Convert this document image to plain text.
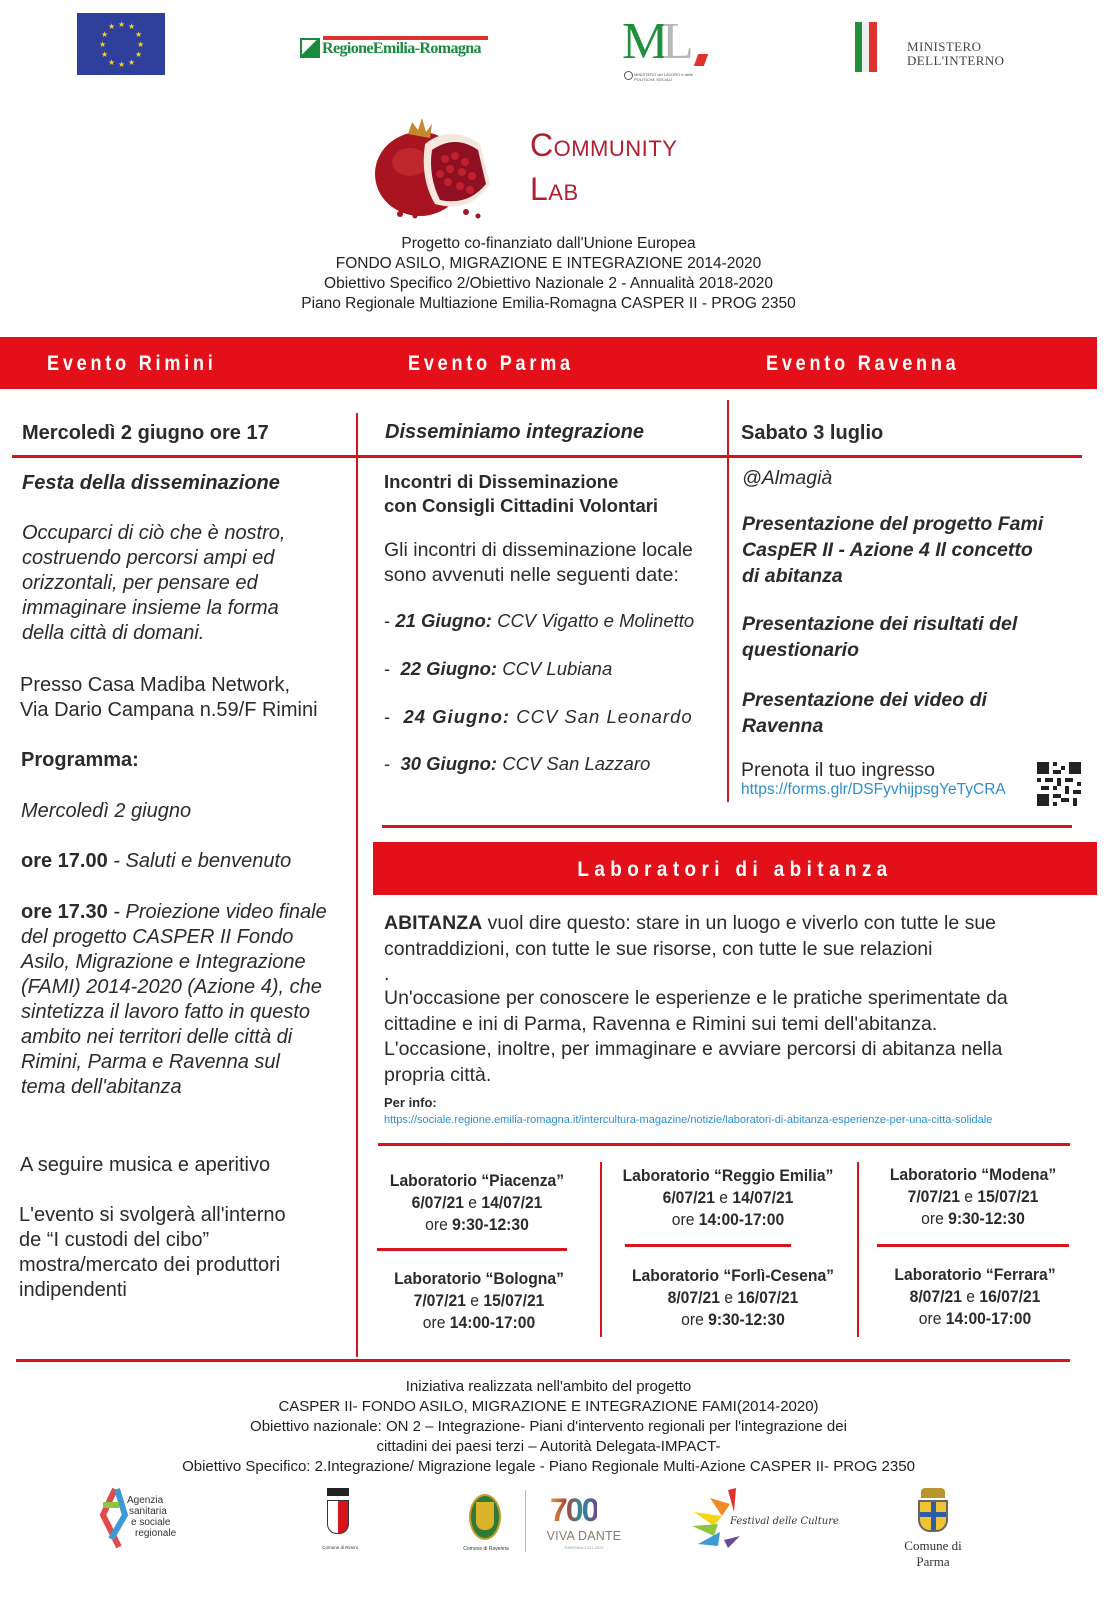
★ ★
★
★
★
★
★
★
★
★
★
★
RegioneEmilia-Romagna	M
L
MINISTERO del LAVORO e delle POLITICHE SOCIALI
MINISTERO
DELL'INTERNO
Community
Lab
Progetto co-finanziato dall'Unione Europea
FONDO ASILO, MIGRAZIONE E INTEGRAZIONE 2014-2020
Obiettivo Specifico 2/Obiettivo Nazionale 2 - Annualità 2018-2020
Piano Regionale Multiazione Emilia-Romagna CASPER II - PROG 2350
Evento Rimini	Evento Parma	Evento Ravenna
Mercoledì 2 giugno ore 17
Festa della disseminazione
Occuparci di ciò che è nostro,
costruendo percorsi ampi ed
orizzontali, per pensare ed
immaginare insieme la forma
della città di domani.
Presso Casa Madiba Network,
Via Dario Campana n.59/F Rimini
Programma:
Mercoledì 2 giugno
ore 17.00 - Saluti e benvenuto
ore 17.30 - Proiezione video finale
del progetto CASPER II Fondo
Asilo, Migrazione e Integrazione
(FAMI) 2014-2020 (Azione 4), che
sintetizza il lavoro fatto in questo
ambito nei territori delle città di
Rimini, Parma e Ravenna sul
tema dell'abitanza
A seguire musica e aperitivo
L'evento si svolgerà all'interno
de “I custodi del cibo”
mostra/mercato dei produttori
indipendenti
Disseminiamo integrazione
Incontri di Disseminazione
con Consigli Cittadini Volontari
Gli incontri di disseminazione locale
sono avvenuti nelle seguenti date:
- 21 Giugno: CCV Vigatto e Molinetto
-  22 Giugno: CCV Lubiana
-  24 Giugno: CCV San Leonardo
-  30 Giugno: CCV San Lazzaro
Sabato 3 luglio
@Almagià
Presentazione del progetto Fami
CaspER II - Azione 4 Il concetto
di abitanza
Presentazione dei risultati del
questionario
Presentazione dei video di
Ravenna
Prenota il tuo ingresso
https://forms.glr/DSFyvhijpsgYeTyCRA
Laboratori di abitanza
ABITANZA vuol dire questo: stare in un luogo e viverlo con tutte le sue
contraddizioni, con tutte le sue risorse, con tutte le sue relazioni
.
Un'occasione per conoscere le esperienze e le pratiche sperimentate da
cittadine e ini di Parma, Ravenna e Rimini sui temi dell'abitanza.
L'occasione, inoltre, per immaginare e avviare percorsi di abitanza nella
propria città.
Per info:
https://sociale.regione.emilia-romagna.it/intercultura-magazine/notizie/laboratori-di-abitanza-esperienze-per-una-citta-solidale
Laboratorio “Piacenza”
6/07/21 e 14/07/21
ore 9:30-12:30
Laboratorio “Reggio Emilia”
6/07/21 e 14/07/21
ore 14:00-17:00
Laboratorio “Modena”
7/07/21 e 15/07/21
ore 9:30-12:30
Laboratorio “Bologna”
7/07/21 e 15/07/21
ore 14:00-17:00
Laboratorio “Forlì-Cesena”
8/07/21 e 16/07/21
ore 9:30-12:30
Laboratorio “Ferrara”
8/07/21 e 16/07/21
ore 14:00-17:00
Iniziativa realizzata nell'ambito del progetto
CASPER II- FONDO ASILO, MIGRAZIONE E INTEGRAZIONE FAMI(2014-2020)
Obiettivo nazionale: ON 2 – Integrazione- Piani d'intervento regionali per l'integrazione dei
cittadini dei paesi terzi – Autorità Delegata-IMPACT-
Obiettivo Specifico: 2.Integrazione/ Migrazione legale - Piano Regionale Multi-Azione CASPER II- PROG 2350
Agenzia
sanitaria
e sociale
regionale
Comune di Rimini	Comune di Ravenna
700
VIVA DANTE
RAVENNA 1321-2021
Festival delle Culture
Comune di Parma
